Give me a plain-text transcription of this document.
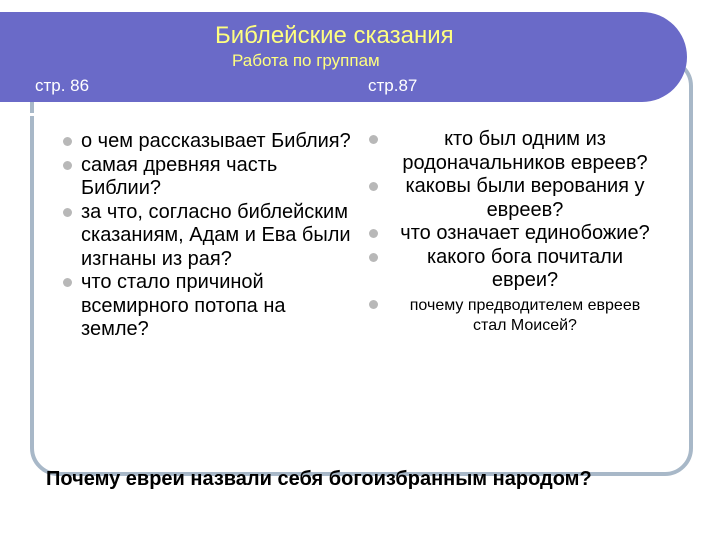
Библейские сказания
Работа по группам
стр. 86	стр.87
о чем рассказывает Библия?
самая древняя часть Библии?
за что, согласно библейским сказаниям, Адам и Ева были изгнаны из рая?
что стало причиной всемирного потопа на земле?
кто был одним из родоначальников евреев?
каковы были верования у евреев?
что означает единобожие?
какого бога почитали евреи?
почему предводителем евреев стал Моисей?
Почему евреи назвали себя богоизбранным народом?
